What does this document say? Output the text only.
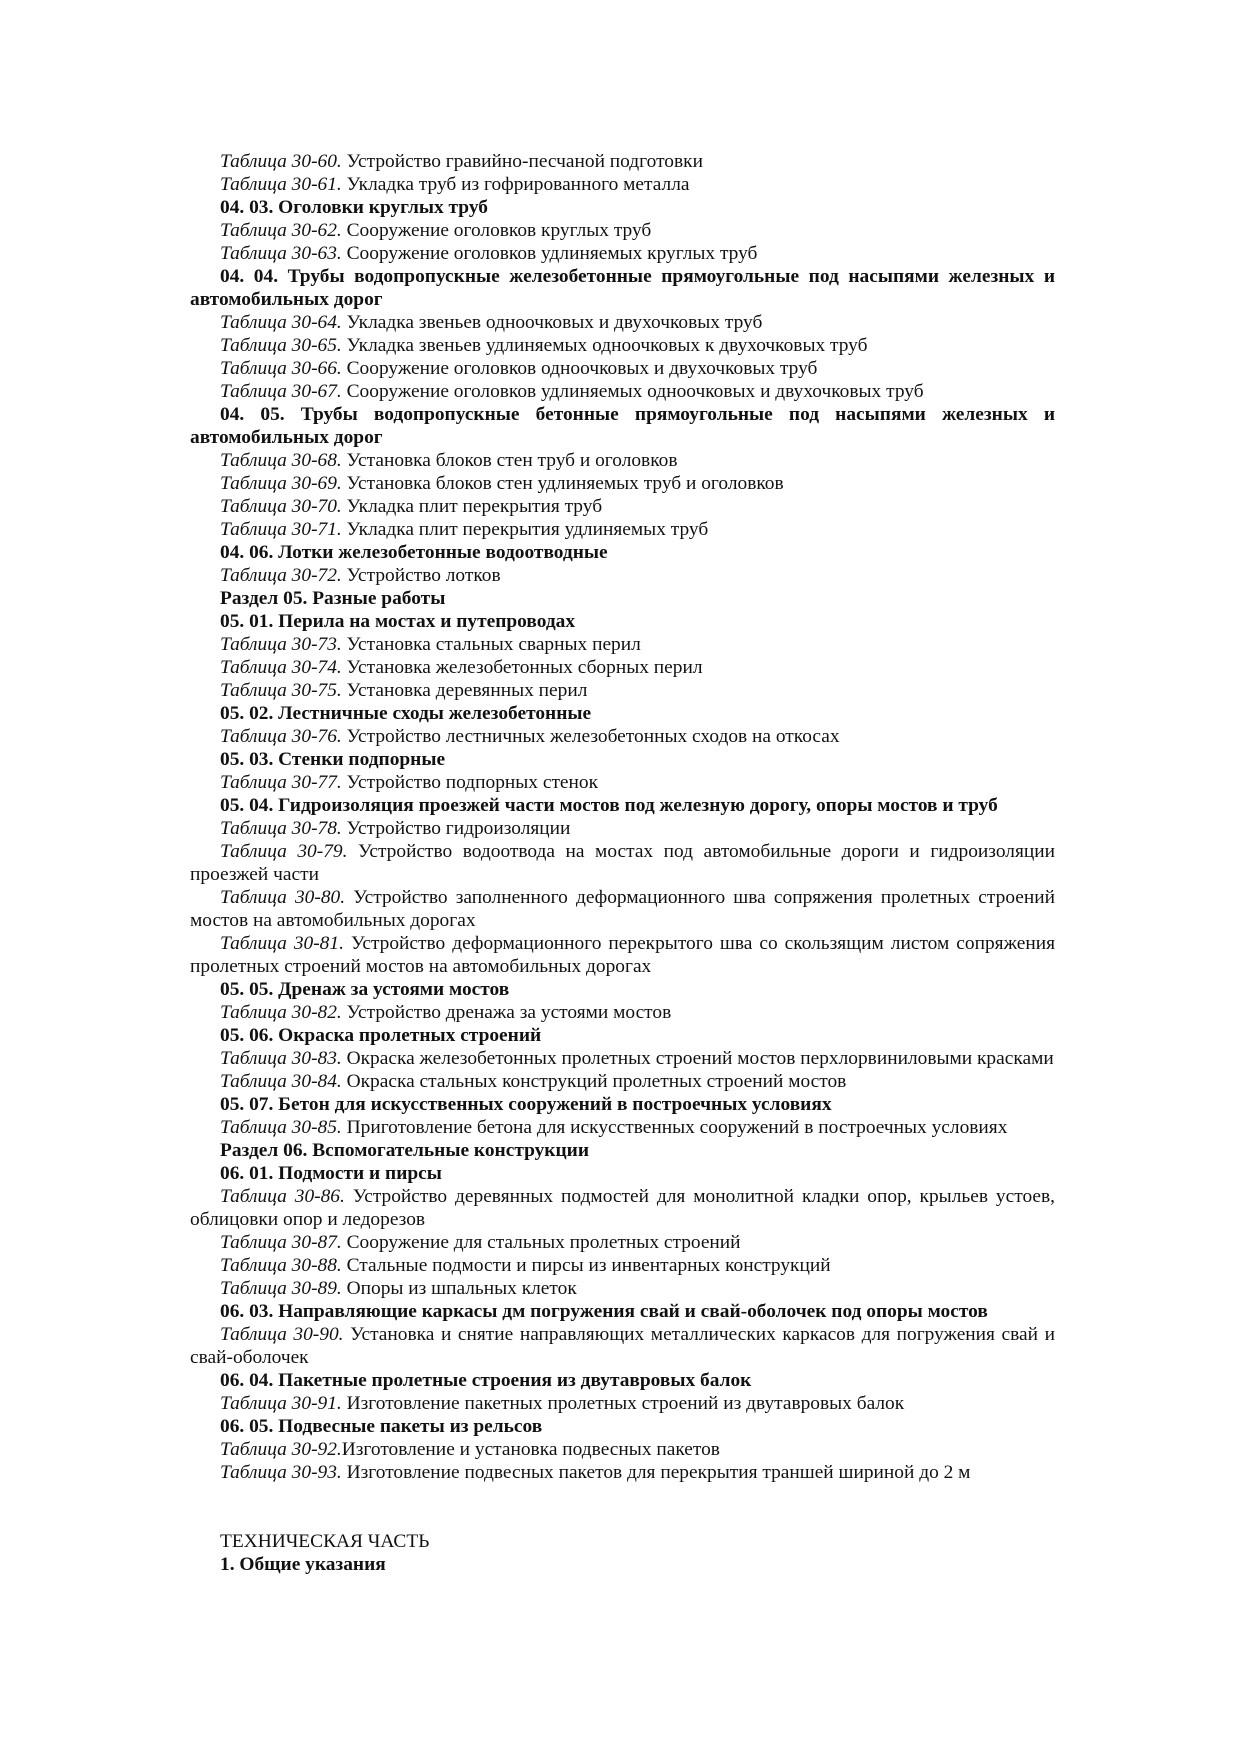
Таблица 30-60. Устройство гравийно-песчаной подготовки

Таблица 30-61. Укладка труб из гофрированного металла

04. 03. Оголовки круглых труб

Таблица 30-62. Сооружение оголовков круглых труб

Таблица 30-63. Сооружение оголовков удлиняемых круглых труб

04. 04. Трубы водопропускные железобетонные прямоугольные под насыпями железных и автомобильных дорог

Таблица 30-64. Укладка звеньев одноочковых и двухочковых труб

Таблица 30-65. Укладка звеньев удлиняемых одноочковых к двухочковых труб

Таблица 30-66. Сооружение оголовков одноочковых и двухочковых труб

Таблица 30-67. Сооружение оголовков удлиняемых одноочковых и двухочковых труб

04. 05. Трубы водопропускные бетонные прямоугольные под насыпями железных и автомобильных дорог

Таблица 30-68. Установка блоков стен труб и оголовков

Таблица 30-69. Установка блоков стен удлиняемых труб и оголовков

Таблица 30-70. Укладка плит перекрытия труб

Таблица 30-71. Укладка плит перекрытия удлиняемых труб

04. 06. Лотки железобетонные водоотводные

Таблица 30-72. Устройство лотков

Раздел 05. Разные работы

05. 01. Перила на мостах и путепроводах

Таблица 30-73. Установка стальных сварных перил

Таблица 30-74. Установка железобетонных сборных перил

Таблица 30-75. Установка деревянных перил

05. 02. Лестничные сходы железобетонные

Таблица 30-76. Устройство лестничных железобетонных сходов на откосах

05. 03. Стенки подпорные

Таблица 30-77. Устройство подпорных стенок

05. 04. Гидроизоляция проезжей части мостов под железную дорогу, опоры мостов и труб

Таблица 30-78. Устройство гидроизоляции

Таблица 30-79. Устройство водоотвода на мостах под автомобильные дороги и гидроизоляции проезжей части

Таблица 30-80. Устройство заполненного деформационного шва сопряжения пролетных строений мостов на автомобильных дорогах

Таблица 30-81. Устройство деформационного перекрытого шва со скользящим листом сопряжения пролетных строений мостов на автомобильных дорогах

05. 05. Дренаж за устоями мостов

Таблица 30-82. Устройство дренажа за устоями мостов

05. 06. Окраска пролетных строений

Таблица 30-83. Окраска железобетонных пролетных строений мостов перхлорвиниловыми красками

Таблица 30-84. Окраска стальных конструкций пролетных строений мостов

05. 07. Бетон для искусственных сооружений в построечных условиях

Таблица 30-85. Приготовление бетона для искусственных сооружений в построечных условиях

Раздел 06. Вспомогательные конструкции

06. 01. Подмости и пирсы

Таблица 30-86. Устройство деревянных подмостей для монолитной кладки опор, крыльев устоев, облицовки опор и ледорезов

Таблица 30-87. Сооружение для стальных пролетных строений

Таблица 30-88. Стальные подмости и пирсы из инвентарных конструкций

Таблица 30-89. Опоры из шпальных клеток

06. 03. Направляющие каркасы дм погружения свай и свай-оболочек под опоры мостов

Таблица 30-90. Установка и снятие направляющих металлических каркасов для погружения свай и свай-оболочек

06. 04. Пакетные пролетные строения из двутавровых балок

Таблица 30-91. Изготовление пакетных пролетных строений из двутавровых балок

06. 05. Подвесные пакеты из рельсов

Таблица 30-92.Изготовление и установка подвесных пакетов

Таблица 30-93. Изготовление подвесных пакетов для перекрытия траншей шириной до 2 м

ТЕХНИЧЕСКАЯ ЧАСТЬ

1. Общие указания
